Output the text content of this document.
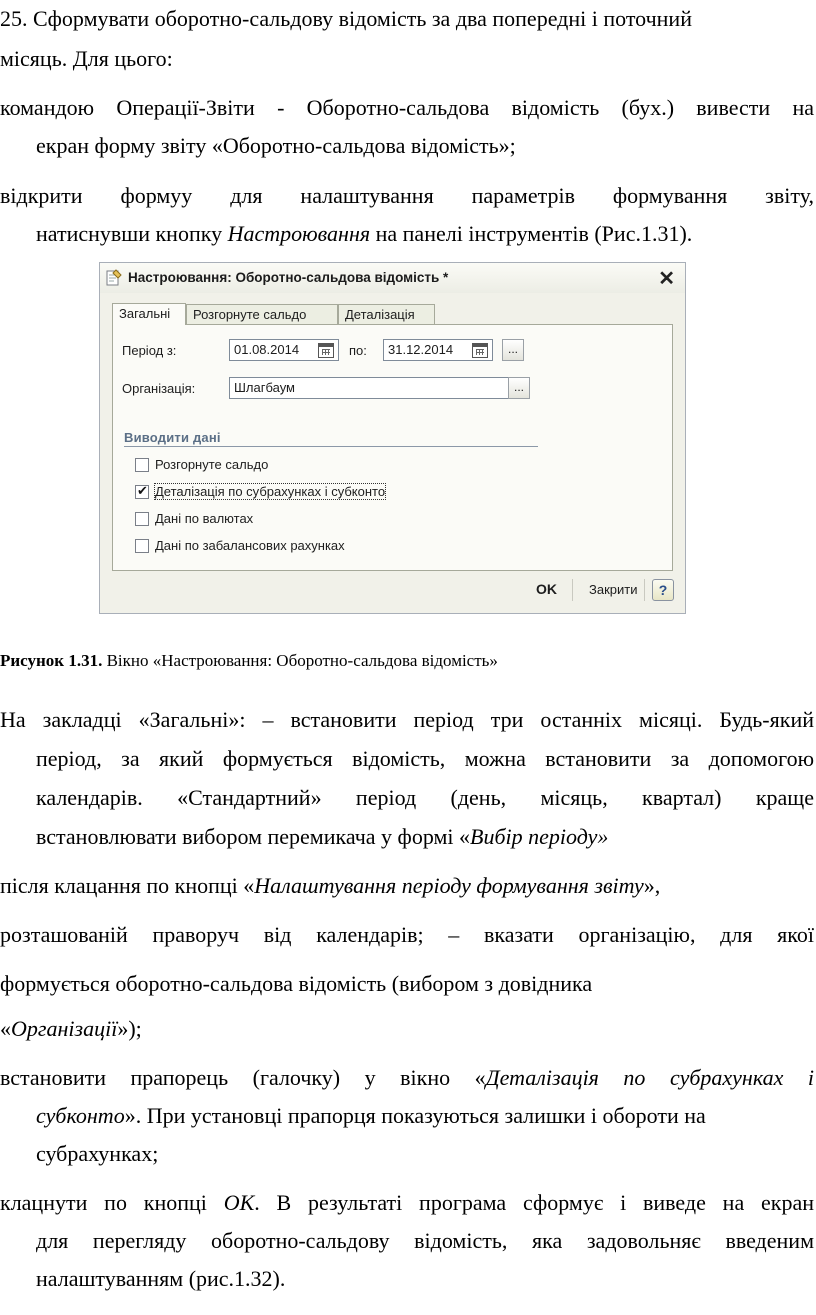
25. Сформувати оборотно-сальдову відомість за два попередні і поточний

місяць. Для цього:

командою Операції-Звіти - Оборотно-сальдова відомість (бух.) вивести на

екран форму звіту «Оборотно-сальдова відомість»;

відкрити формуу для налаштування параметрів формування звіту,

натиснувши кнопку Настроювання на панелі інструментів (Рис.1.31).

Настроювання: Оборотно-сальдова відомість *	✕
Загальні	Розгорнуте сальдо	Деталізація
Період з:	01.08.2014	по:	31.12.2014	...
Організація:	Шлагбаум	...
Виводити дані
Розгорнуте сальдо
✔
Деталізація по субрахунках і субконто
Дані по валютах
Дані по забалансових рахунках
OK Закрити	?
Рисунок 1.31. Вікно «Настроювання: Оборотно-сальдова відомість»

На закладці «Загальні»: – встановити період три останніх місяці. Будь-який

період, за який формується відомість, можна встановити за допомогою

календарів. «Стандартний» період (день, місяць, квартал) краще

встановлювати вибором перемикача у формі «Вибір періоду»

після клацання по кнопці «Налаштування періоду формування звіту»,

розташованій праворуч від календарів; – вказати організацію, для якої

формується оборотно-сальдова відомість (вибором з довідника

«Організації»);

встановити прапорець (галочку) у вікно «Деталізація по субрахунках і

субконто». При установці прапорця показуються залишки і обороти на

субрахунках;

клацнути по кнопці ОК. В результаті програма сформує і виведе на екран

для перегляду оборотно-сальдову відомість, яка задовольняє введеним

налаштуванням (рис.1.32).
